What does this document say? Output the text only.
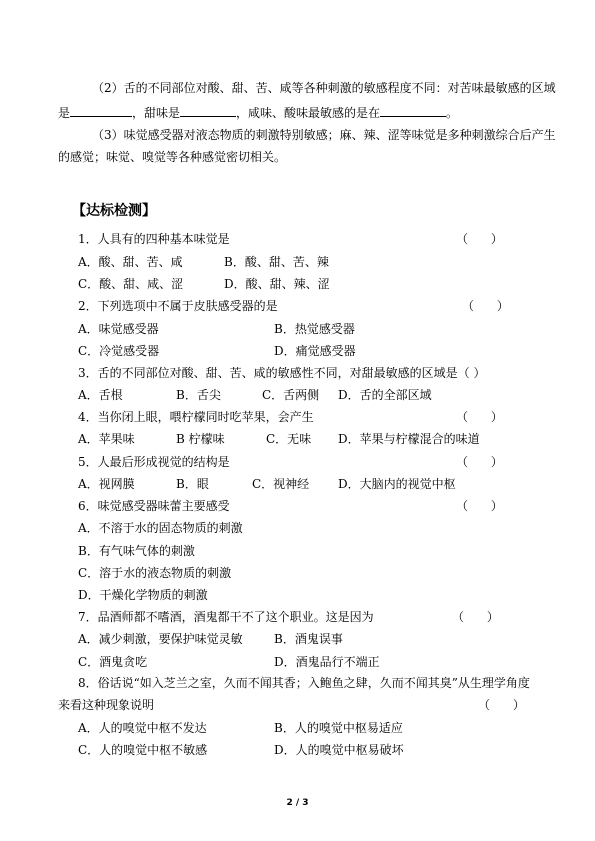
（2）舌的不同部位对酸、甜、苦、咸等各种刺激的敏感程度不同：对苦味最敏感的区域
是	，甜味是	，咸味、酸味最敏感的是在	。
（3）味觉感受器对液态物质的刺激特别敏感；麻、辣、涩等味觉是多种刺激综合后产生
的感觉；味觉、嗅觉等各种感觉密切相关。
【达标检测】
1．人具有的四种基本味觉是	（      ）
A．酸、甜、苦、咸	B．酸、甜、苦、辣
C．酸、甜、咸、涩	D．酸、甜、辣、涩
2．下列选项中不属于皮肤感受器的是	（      ）
A．味觉感受器	B．热觉感受器
C．冷觉感受器	D．痛觉感受器
3．舌的不同部位对酸、甜、苦、咸的敏感性不同，对甜最敏感的区域是（ ）
A．舌根	B．舌尖	C．舌两侧 D．舌的全部区域
4．当你闭上眼，喂柠檬同时吃苹果，会产生	（      ）
A．苹果味	B 柠檬味	C．无味 D．苹果与柠檬混合的味道
5．人最后形成视觉的结构是	（      ）
A．视网膜	B．眼	C．视神经 D．大脑内的视觉中枢
6．味觉感受器味蕾主要感受	（      ）
A．不溶于水的固态物质的刺激
B．有气味气体的刺激
C．溶于水的液态物质的刺激
D．干燥化学物质的刺激
7．品酒师都不嗜酒，酒鬼都干不了这个职业。这是因为	（      ）
A．减少刺激，要保护味觉灵敏	B．酒鬼误事
C．酒鬼贪吃	D．酒鬼品行不端正
8．俗话说“如入芝兰之室，久而不闻其香；入鲍鱼之肆，久而不闻其臭”从生理学角度
来看这种现象说明	（      ）
A．人的嗅觉中枢不发达	B．人的嗅觉中枢易适应
C．人的嗅觉中枢不敏感	D．人的嗅觉中枢易破坏
2 / 3
